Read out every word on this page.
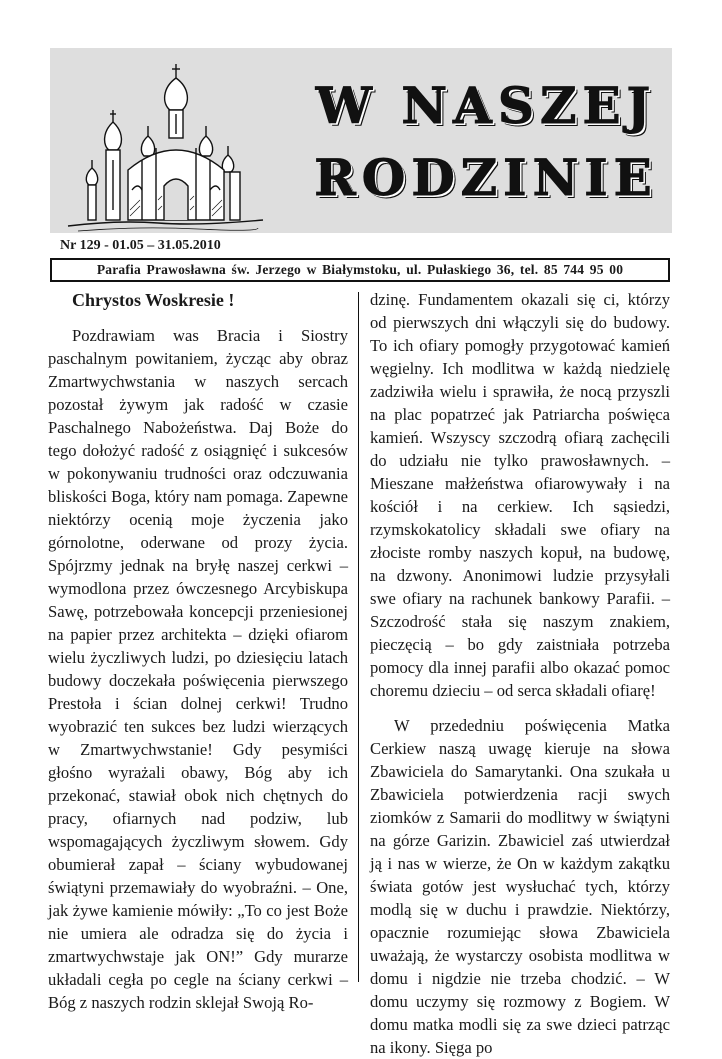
W NASZEJ
RODZINIE
Nr 129 - 01.05 – 31.05.2010
Parafia Prawosławna św. Jerzego w Białymstoku, ul. Pułaskiego 36, tel. 85 744 95 00
Chrystos Woskresie !

Pozdrawiam was Bracia i Siostry paschalnym powitaniem, życząc aby obraz Zmartwychwstania w naszych sercach pozostał żywym jak radość w czasie Paschalnego Nabożeństwa. Daj Boże do tego dołożyć radość z osiągnięć i sukcesów w pokonywaniu trudności oraz odczuwania bliskości Boga, który nam pomaga. Zapewne niektórzy ocenią moje życzenia jako górnolotne, oderwane od prozy życia. Spójrzmy jednak na bryłę naszej cerkwi – wymodlona przez ówczesnego Arcybiskupa Sawę, potrzebowała koncepcji przeniesionej na papier przez architekta – dzięki ofiarom wielu życzliwych ludzi, po dziesięciu latach budowy doczekała poświęcenia pierwszego Prestoła i ścian dolnej cerkwi! Trudno wyobrazić ten sukces bez ludzi wierzących w Zmartwychwstanie! Gdy pesymiści głośno wyrażali obawy, Bóg aby ich przekonać, stawiał obok nich chętnych do pracy, ofiarnych nad podziw, lub wspomagających życzliwym słowem. Gdy obumierał zapał – ściany wybudowanej świątyni przemawiały do wyobraźni. – One, jak żywe kamienie mówiły: „To co jest Boże nie umiera ale odradza się do życia i zmartwychwstaje jak ON!” Gdy murarze układali cegła po cegle na ściany cerkwi – Bóg z naszych rodzin sklejał Swoją Ro-

dzinę. Fundamentem okazali się ci, którzy od pierwszych dni włączyli się do budowy. To ich ofiary pomogły przygotować kamień węgielny. Ich modlitwa w każdą niedzielę zadziwiła wielu i sprawiła, że nocą przyszli na plac popatrzeć jak Patriarcha poświęca kamień. Wszyscy szczodrą ofiarą zachęcili do udziału nie tylko prawosławnych. – Mieszane małżeństwa ofiarowywały i na kościół i na cerkiew. Ich sąsiedzi, rzymskokatolicy składali swe ofiary na złociste romby naszych kopuł, na budowę, na dzwony. Anonimowi ludzie przysyłali swe ofiary na rachunek bankowy Parafii. – Szczodrość stała się naszym znakiem, pieczęcią – bo gdy zaistniała potrzeba pomocy dla innej parafii albo okazać pomoc choremu dzieciu – od serca składali ofiarę!

W przededniu poświęcenia Matka Cerkiew naszą uwagę kieruje na słowa Zbawiciela do Samarytanki. Ona szukała u Zbawiciela potwierdzenia racji swych ziomków z Samarii do modlitwy w świątyni na górze Garizin. Zbawiciel zaś utwierdzał ją i nas w wierze, że On w każdym zakątku świata gotów jest wysłuchać tych, którzy modlą się w duchu i prawdzie. Niektórzy, opacznie rozumiejąc słowa Zbawiciela uważają, że wystarczy osobista modlitwa w domu i nigdzie nie trzeba chodzić. – W domu uczymy się rozmowy z Bogiem. W domu matka modli się za swe dzieci patrząc na ikony. Sięga po
